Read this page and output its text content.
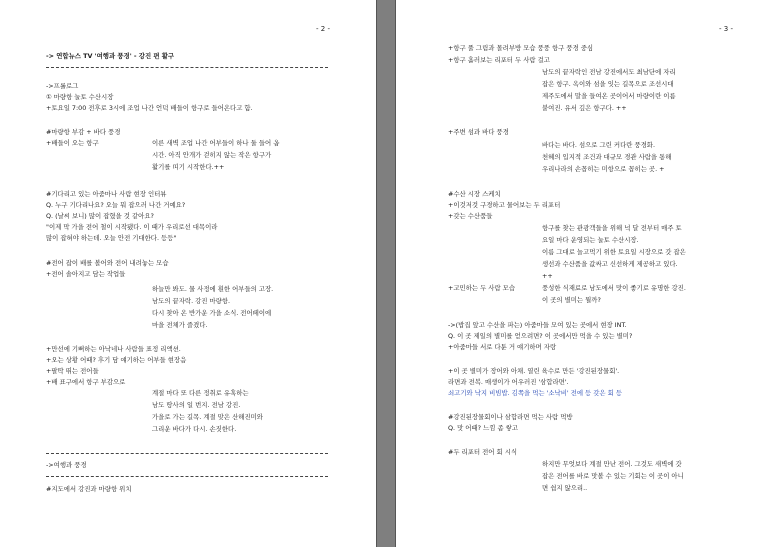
- 2 -
-> 연합뉴스 TV '여행과 풍경' - 강진 편 활구
->프롤로그
① 마량항 눌토 수산시장
+토요일 7:00 전후로 3시에 조업 나간 언덕 배들이 항구로 들어온다고 함.
#마량항 부감 + 바다 풍경
+배들이 오는 항구	이른 새벽 조업 나간 어부들이 하나 둘 들어 옵
시간. 아직 안개가 걷히지 않는 작은 항구가
활기를 띠기 시작한다.++
#기다리고 있는 아줌마나 사람 현장 인터뷰
Q. 누구 기다리나요? 오늘 뭐 잡으러 나간 거예요?
Q. (날씨 보니) 많이 잡혔을 것 같아요?
"이제 막 가을 전어 철이 시작됐다. 이 때가 우리로선 대목이라
많이 잡혀야 하는데. 오늘 안전 기대한다. 등등"
#전어 잡이 배를 볼어와 전어 내려놓는 모습
+전어 솔아지고 담는 작업들
하늘만 봐도. 물 사정에 훤한 어부들의 고장.
남도의 끝자락. 강진 마량항.
다시 찾아 온 반가운 가을 소식. 전어떼이에
마을 전체가 즐겼다.
+만선에 기뻐하는 아낙네나 사람들 표정 리액션.
+오는 상황 어때? 후기 담 얘기하는 어부들 현장음
+팔딱 뛰는 전어들
+배 표구에서 항구 부감으로
계절 마다 또 다른 정취로 유혹하는
남도 땅사의 일 번지. 전남 강진.
가을로 가는 길목. 계절 맞은 산해진미와
그리운 바다가 다시. 손짓한다.
->여행과 풍경
#지도에서 강진과 마량항 위치
- 3 -
+항구 풀 그림과 몰려부방 모습 풍풍 항구 풍경 중심
+항구 흘러보는 리포터 두 사람 걸고
남도의 끝자락인 전남 강진에서도 최남단에 자리
잡은 항구. 옥이와 섬을 잇는 길목으로 조선시대
제주도에서 말을 들여온 곳이어서 마량이란 이름
붙여진. 유서 깊은 항구다. ++
+주변 섬과 바다 풍경
바다는 바다. 섬으로 그린 커다란 풍경화.
천혜의 입지적 조건과 대규모 경관 사람을 통해
우리나라의 손꼽히는 미항으로 꼽히는 곳. +
#수산 시장 스케치
+이것저것 구경하고 물어보는 두 리포터
+갖는 수산품들
항구를 찾는 관광객들을 위해 넉 달 전부터 매주 토
요일 마다 운영되는 눌토 수산시장.
이름 그대로 놀고먹기 위한 토요일 시장으로 갓 잡은
생선과 수산품을 값싸고 신선하게 제공하고 있다.
++
+고민하는 두 사람 모습	풍성한 식재료로 남도에서 맛이 좋기로 유명한 강진.
이 곳의 별미는 뭘까?
->(밥집 앞고 수산을 파는) 아줌마들 모여 있는 곳에서 현장 INT.
Q. 이 곳 제일의 별미를 얻으려면? 이 곳에서만 먹을 수 있는 별미?
+아줌마들 서로 다툰 거 얘기하며 자랑
+이 곳 별미가 장어와 아채. 열린 육수로 만든 '강진된장물회'.
라면과 전복. 매생이가 어우러진 '삼합라면'.
쇠고기와 낙지 비빔밥. 김쪽을 먹는 '소낙비' 전에 등 갖은 회 등
#강진된장물회이나 삼합라면 먹는 사람 먹방
Q. 맛 어때? 느낌 좀 쌓고
#두 리포터 전어 회 시식
하지만 무엇보다 계절 만난 전어. 그것도 새벽에 갓
잡은 전어를 바로 맛볼 수 있는 기회는 이 곳이 아니
면 쉽지 않으리..
